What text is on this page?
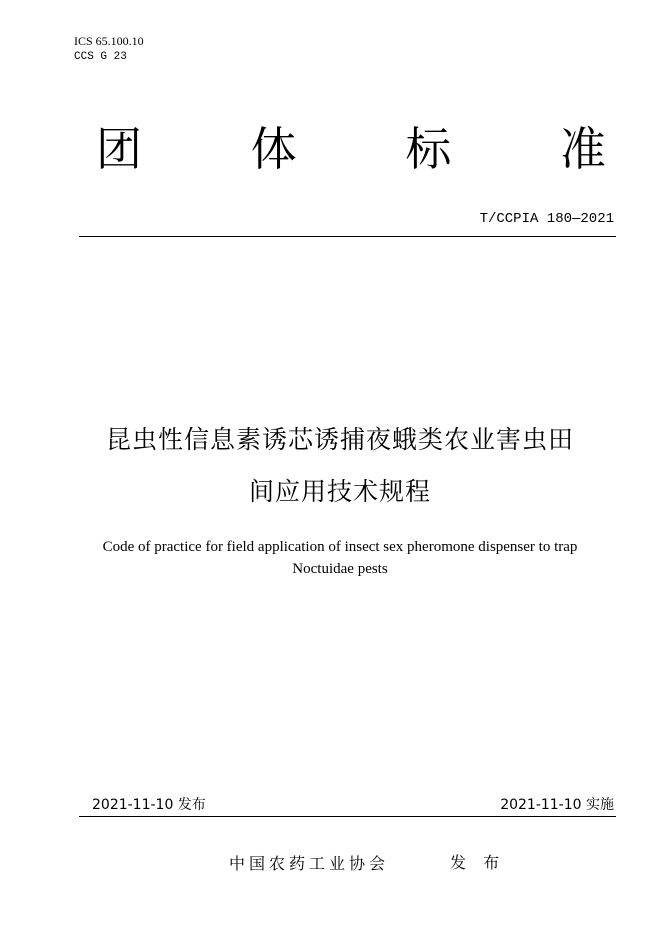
ICS 65.100.10

CCS G 23

团 体 标 准

T/CCPIA 180—2021

昆虫性信息素诱芯诱捕夜蛾类农业害虫田
间应用技术规程
Code of practice for field application of insect sex pheromone dispenser to trap
Noctuidae pests

2021-11-10 发布	2021-11-10 实施

中国农药工业协会	发 布
